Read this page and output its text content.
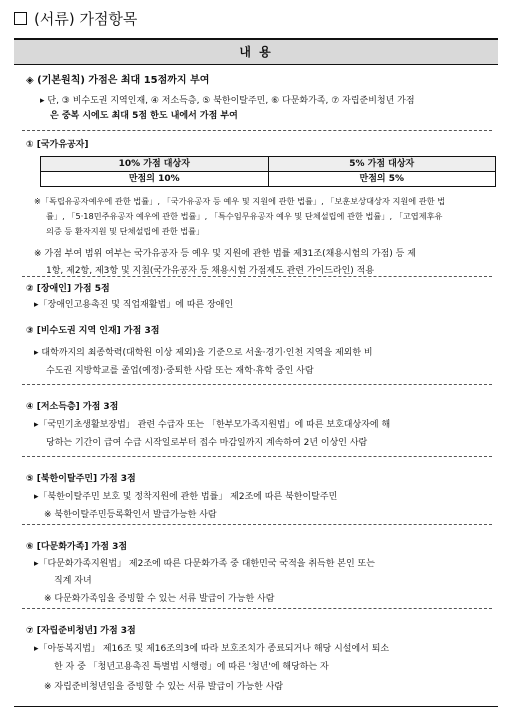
(서류) 가점항목
내 용
◈ (기본원칙) 가점은 최대 15점까지 부여
▸ 단, ③ 비수도권 지역인재, ④ 저소득층, ⑤ 북한이탈주민, ⑥ 다문화가족, ⑦ 자립준비청년 가점
은 중복 시에도 최대 5점 한도 내에서 가점 부여
① [국가유공자]
10% 가점 대상자	5% 가점 대상자
만점의 10%	만점의 5%
※「독립유공자예우에 관한 법률」, 「국가유공자 등 예우 및 지원에 관한 법률」, 「보훈보상대상자 지원에 관한 법
률」, 「5·18민주유공자 예우에 관한 법률」, 「특수임무유공자 예우 및 단체설립에 관한 법률」, 「고엽제후유
의증 등 환자지원 및 단체설립에 관한 법률」
※ 가점 부여 범위 여부는 국가유공자 등 예우 및 지원에 관한 법률 제31조(채용시험의 가점) 등 제
1항, 제2항, 제3항 및 지침(국가유공자 등 채용시험 가점제도 관련 가이드라인) 적용
② [장애인] 가점 5점
▸「장애인고용촉진 및 직업재활법」에 따른 장애인
③ [비수도권 지역 인재] 가점 3점
▸ 대학까지의 최종학력(대학원 이상 제외)을 기준으로 서울·경기·인천 지역을 제외한 비
수도권 지방학교를 졸업(예정)·중퇴한 사람 또는 재학·휴학 중인 사람
④ [저소득층] 가점 3점
▸「국민기초생활보장법」 관련 수급자 또는 「한부모가족지원법」에 따른 보호대상자에 해
당하는 기간이 급여 수급 시작일로부터 접수 마감일까지 계속하여 2년 이상인 사람
⑤ [북한이탈주민] 가점 3점
▸「북한이탈주민 보호 및 정착지원에 관한 법률」 제2조에 따른 북한이탈주민
※ 북한이탈주민등록확인서 발급가능한 사람
⑥ [다문화가족] 가점 3점
▸「다문화가족지원법」 제2조에 따른 다문화가족 중 대한민국 국적을 취득한 본인 또는
직계 자녀
※ 다문화가족임을 증빙할 수 있는 서류 발급이 가능한 사람
⑦ [자립준비청년] 가점 3점
▸「아동복지법」 제16조 및 제16조의3에 따라 보호조치가 종료되거나 해당 시설에서 퇴소
한 자 중 「청년고용촉진 특별법 시행령」에 따른 '청년'에 해당하는 자
※ 자립준비청년임을 증빙할 수 있는 서류 발급이 가능한 사람
